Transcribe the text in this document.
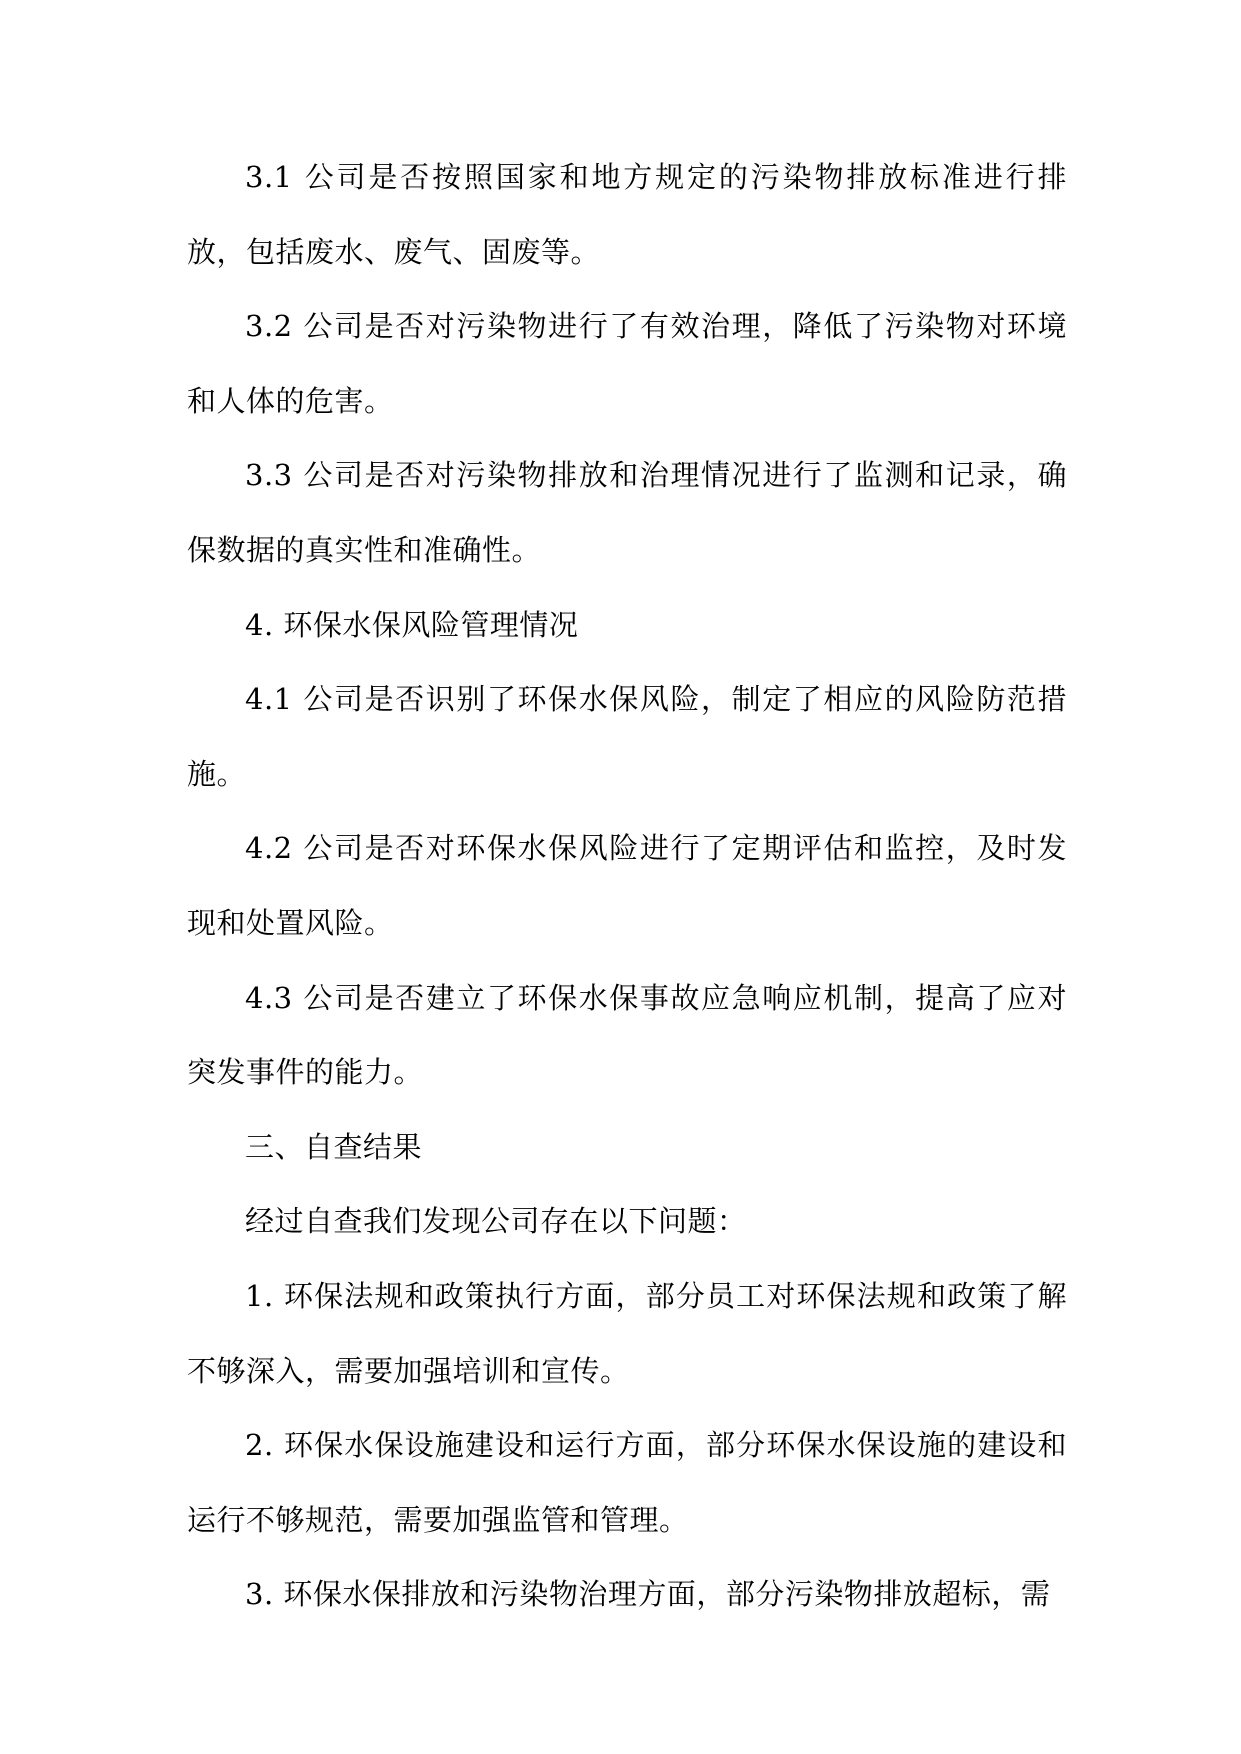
3.1 公司是否按照国家和地方规定的污染物排放标准进行排放，包括废水、废气、固废等。

3.2 公司是否对污染物进行了有效治理，降低了污染物对环境和人体的危害。

3.3 公司是否对污染物排放和治理情况进行了监测和记录，确保数据的真实性和准确性。

4. 环保水保风险管理情况

4.1 公司是否识别了环保水保风险，制定了相应的风险防范措施。

4.2 公司是否对环保水保风险进行了定期评估和监控，及时发现和处置风险。

4.3 公司是否建立了环保水保事故应急响应机制，提高了应对突发事件的能力。

三、自查结果

经过自查我们发现公司存在以下问题：

1. 环保法规和政策执行方面，部分员工对环保法规和政策了解不够深入，需要加强培训和宣传。

2. 环保水保设施建设和运行方面，部分环保水保设施的建设和运行不够规范，需要加强监管和管理。

3. 环保水保排放和污染物治理方面，部分污染物排放超标，需
